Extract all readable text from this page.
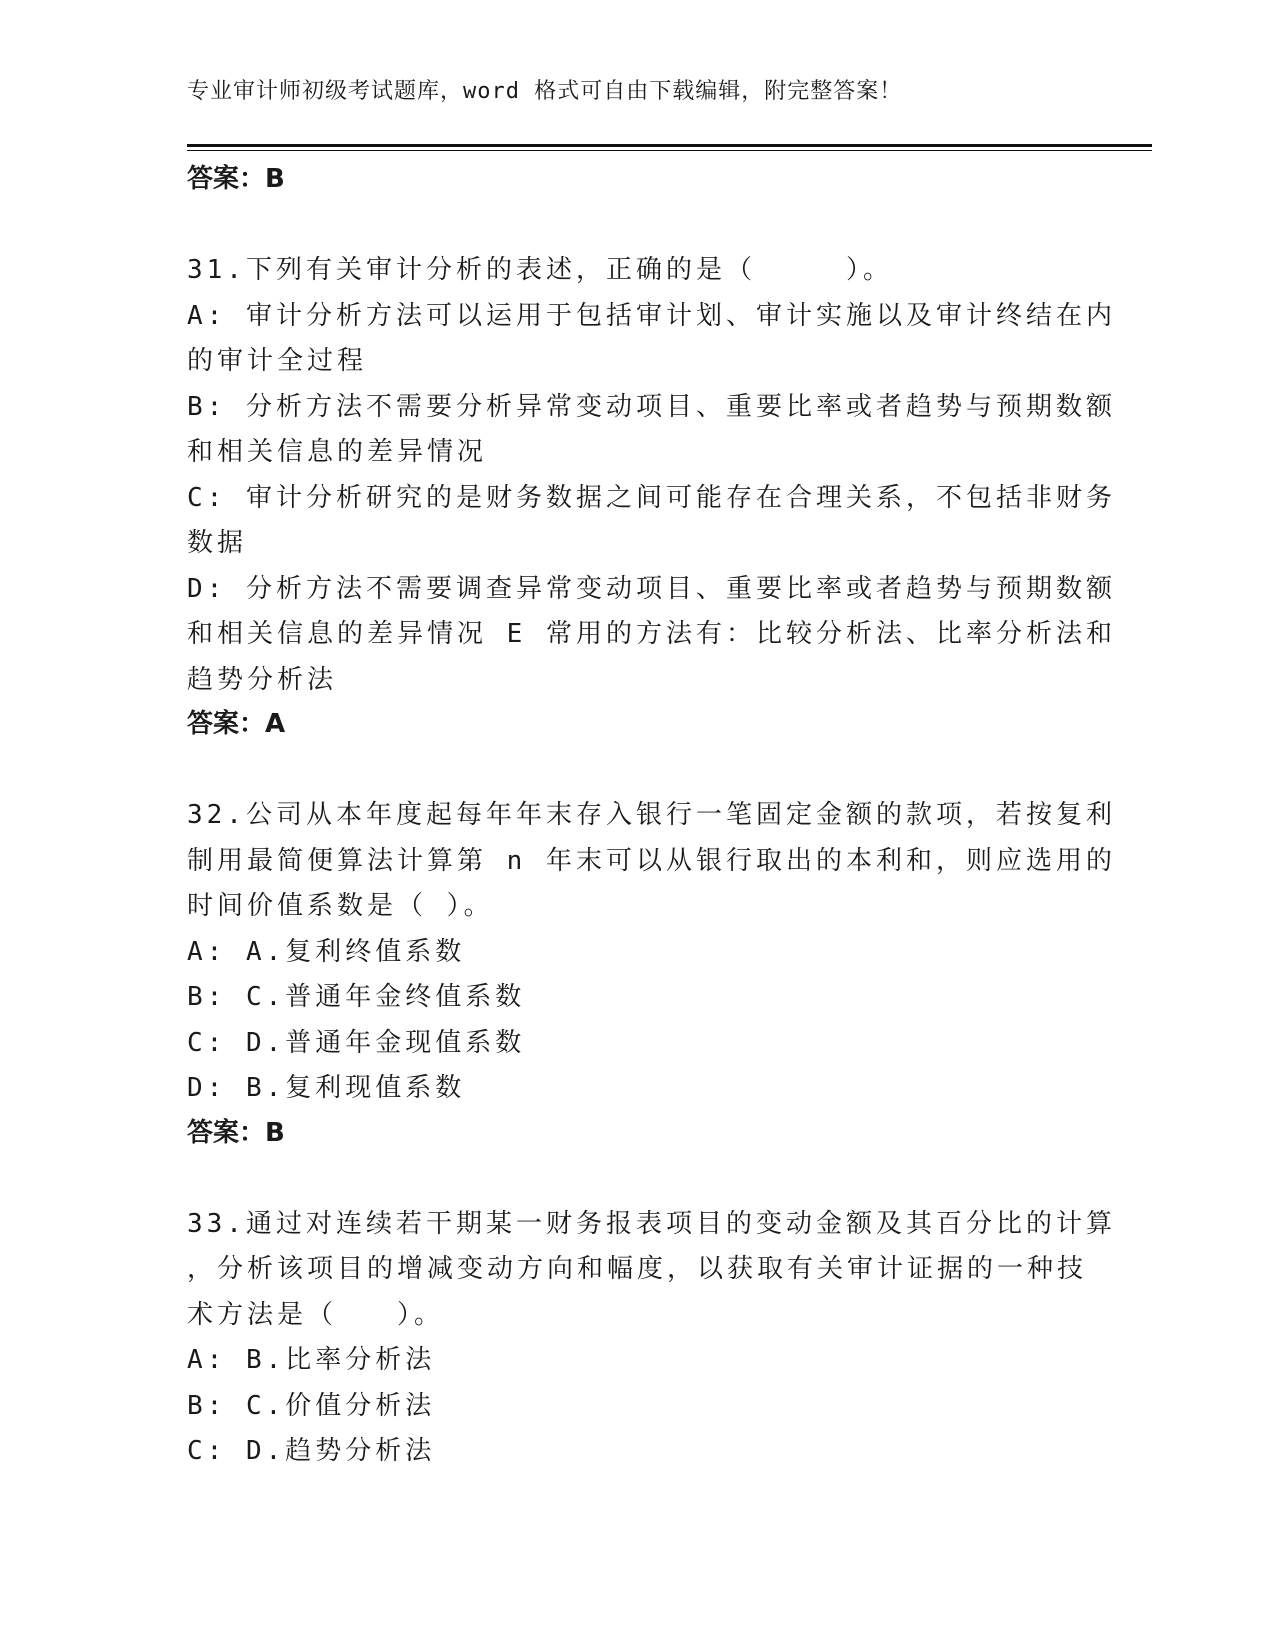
专业审计师初级考试题库，word 格式可自由下载编辑，附完整答案！
答案：B
31.下列有关审计分析的表述，正确的是（　　　）。
A: 审计分析方法可以运用于包括审计划、审计实施以及审计终结在内
的审计全过程
B: 分析方法不需要分析异常变动项目、重要比率或者趋势与预期数额
和相关信息的差异情况
C: 审计分析研究的是财务数据之间可能存在合理关系，不包括非财务
数据
D: 分析方法不需要调查异常变动项目、重要比率或者趋势与预期数额
和相关信息的差异情况 E 常用的方法有：比较分析法、比率分析法和
趋势分析法
答案：A
32.公司从本年度起每年年末存入银行一笔固定金额的款项，若按复利
制用最简便算法计算第 n 年末可以从银行取出的本利和，则应选用的
时间价值系数是（ ）。
A: A.复利终值系数
B: C.普通年金终值系数
C: D.普通年金现值系数
D: B.复利现值系数
答案：B
33.通过对连续若干期某一财务报表项目的变动金额及其百分比的计算
，分析该项目的增减变动方向和幅度，以获取有关审计证据的一种技
术方法是（　　）。
A: B.比率分析法
B: C.价值分析法
C: D.趋势分析法
